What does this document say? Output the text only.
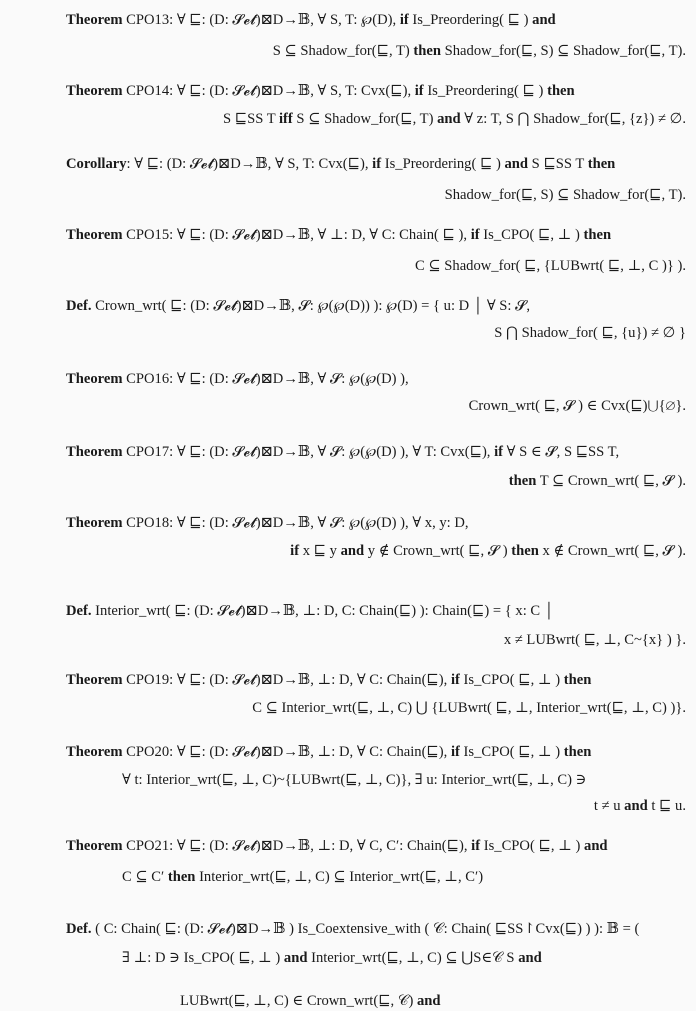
Theorem CPO13: ∀ ⊑: (D: 𝓢𝓮𝓽)⊠D→𝔹, ∀ S, T: ℘(D), if Is_Preordering( ⊑ ) and
S ⊆ Shadow_for(⊑, T) then Shadow_for(⊑, S) ⊆ Shadow_for(⊑, T).
Theorem CPO14: ∀ ⊑: (D: 𝓢𝓮𝓽)⊠D→𝔹, ∀ S, T: Cvx(⊑), if Is_Preordering( ⊑ ) then
S ⊑SS T iff S ⊆ Shadow_for(⊑, T) and ∀ z: T, S ⋂ Shadow_for(⊑, {z}) ≠ ∅.
Corollary: ∀ ⊑: (D: 𝓢𝓮𝓽)⊠D→𝔹, ∀ S, T: Cvx(⊑), if Is_Preordering( ⊑ ) and S ⊑SS T then
Shadow_for(⊑, S) ⊆ Shadow_for(⊑, T).
Theorem CPO15: ∀ ⊑: (D: 𝓢𝓮𝓽)⊠D→𝔹, ∀ ⊥: D, ∀ C: Chain( ⊑ ), if Is_CPO( ⊑, ⊥ ) then
C ⊆ Shadow_for( ⊑, {LUBwrt( ⊑, ⊥, C )} ).
Def. Crown_wrt( ⊑: (D: 𝓢𝓮𝓽)⊠D→𝔹, 𝓢: ℘(℘(D)) ): ℘(D) = { u: D │ ∀ S: 𝓢,
S ⋂ Shadow_for( ⊑, {u}) ≠ ∅ }
Theorem CPO16: ∀ ⊑: (D: 𝓢𝓮𝓽)⊠D→𝔹, ∀ 𝓢: ℘(℘(D) ),
Crown_wrt( ⊑, 𝓢 ) ∈ Cvx(⊑)⋃{∅}.
Theorem CPO17: ∀ ⊑: (D: 𝓢𝓮𝓽)⊠D→𝔹, ∀ 𝓢: ℘(℘(D) ), ∀ T: Cvx(⊑), if ∀ S ∈ 𝓢, S ⊑SS T,
then T ⊆ Crown_wrt( ⊑, 𝓢 ).
Theorem CPO18: ∀ ⊑: (D: 𝓢𝓮𝓽)⊠D→𝔹, ∀ 𝓢: ℘(℘(D) ), ∀ x, y: D,
if x ⊑ y and y ∉ Crown_wrt( ⊑, 𝓢 ) then x ∉ Crown_wrt( ⊑, 𝓢 ).
Def. Interior_wrt( ⊑: (D: 𝓢𝓮𝓽)⊠D→𝔹, ⊥: D, C: Chain(⊑) ): Chain(⊑) = { x: C │
x ≠ LUBwrt( ⊑, ⊥, C~{x} ) }.
Theorem CPO19: ∀ ⊑: (D: 𝓢𝓮𝓽)⊠D→𝔹, ⊥: D, ∀ C: Chain(⊑), if Is_CPO( ⊑, ⊥ ) then
C ⊆ Interior_wrt(⊑, ⊥, C) ⋃ {LUBwrt( ⊑, ⊥, Interior_wrt(⊑, ⊥, C) )}.
Theorem CPO20: ∀ ⊑: (D: 𝓢𝓮𝓽)⊠D→𝔹, ⊥: D, ∀ C: Chain(⊑), if Is_CPO( ⊑, ⊥ ) then
∀ t: Interior_wrt(⊑, ⊥, C)~{LUBwrt(⊑, ⊥, C)}, ∃ u: Interior_wrt(⊑, ⊥, C) ∋
t ≠ u and t ⊑ u.
Theorem CPO21: ∀ ⊑: (D: 𝓢𝓮𝓽)⊠D→𝔹, ⊥: D, ∀ C, C′: Chain(⊑), if Is_CPO( ⊑, ⊥ ) and
C ⊆ C′ then Interior_wrt(⊑, ⊥, C) ⊆ Interior_wrt(⊑, ⊥, C′)
Def. ( C: Chain( ⊑: (D: 𝓢𝓮𝓽)⊠D→𝔹 ) Is_Coextensive_with ( 𝒞: Chain( ⊑SS↾Cvx(⊑) ) ): 𝔹 = (
∃ ⊥: D ∋ Is_CPO( ⊑, ⊥ ) and Interior_wrt(⊑, ⊥, C) ⊆ ⋃S∈𝒞 S and
LUBwrt(⊑, ⊥, C) ∈ Crown_wrt(⊑, 𝒞) and
